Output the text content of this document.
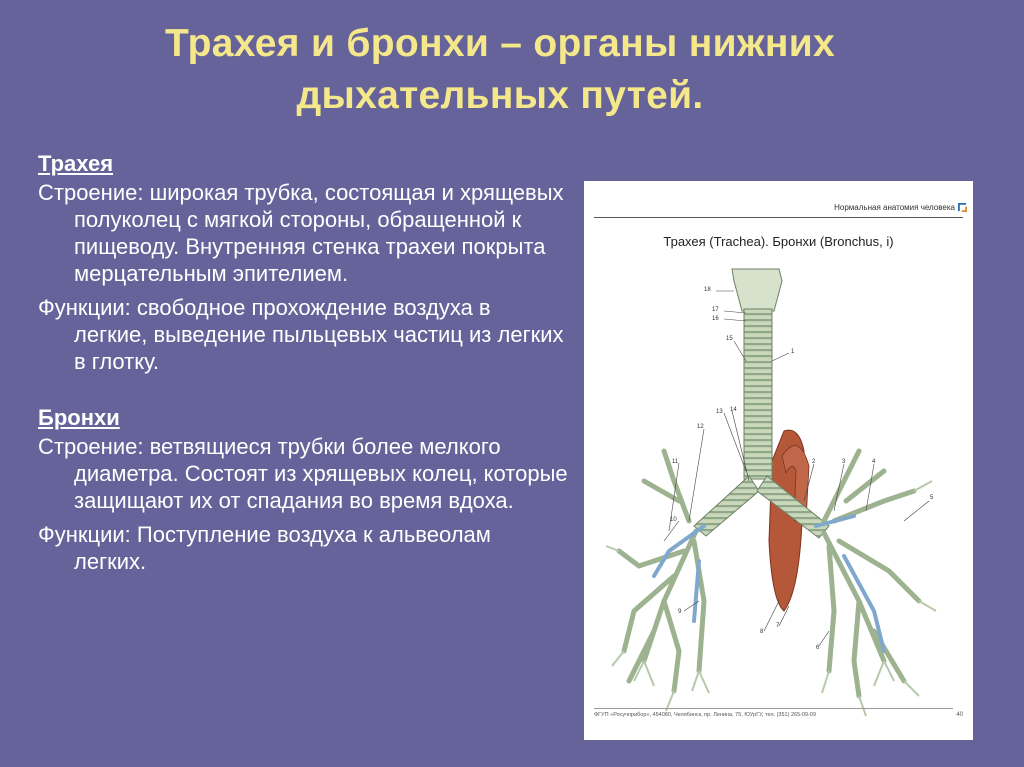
Трахея и бронхи – органы нижних дыхательных путей.
Трахея
Строение: широкая трубка, состоящая и хрящевых полуколец с мягкой стороны, обращенной к пищеводу. Внутренняя стенка трахеи покрыта мерцательным эпителием.
Функции: свободное прохождение воздуха в легкие, выведение пыльцевых частиц из легких в глотку.
Бронхи
Строение: ветвящиеся трубки более мелкого диаметра. Состоят из хрящевых колец, которые защищают их от спадания во время вдоха.
Функции: Поступление воздуха к альвеолам легких.
Нормальная анатомия человека
Трахея (Trachea). Бронхи (Bronchus, i)
18
17
16
15
1
13 14
12
11
10
9
8
7
6
5
4
3
2
ФГУП «Росучприбор», 454080, Челябинск, пр. Ленина, 75, ЮУрГУ, тел. (351) 265-09-09	40
